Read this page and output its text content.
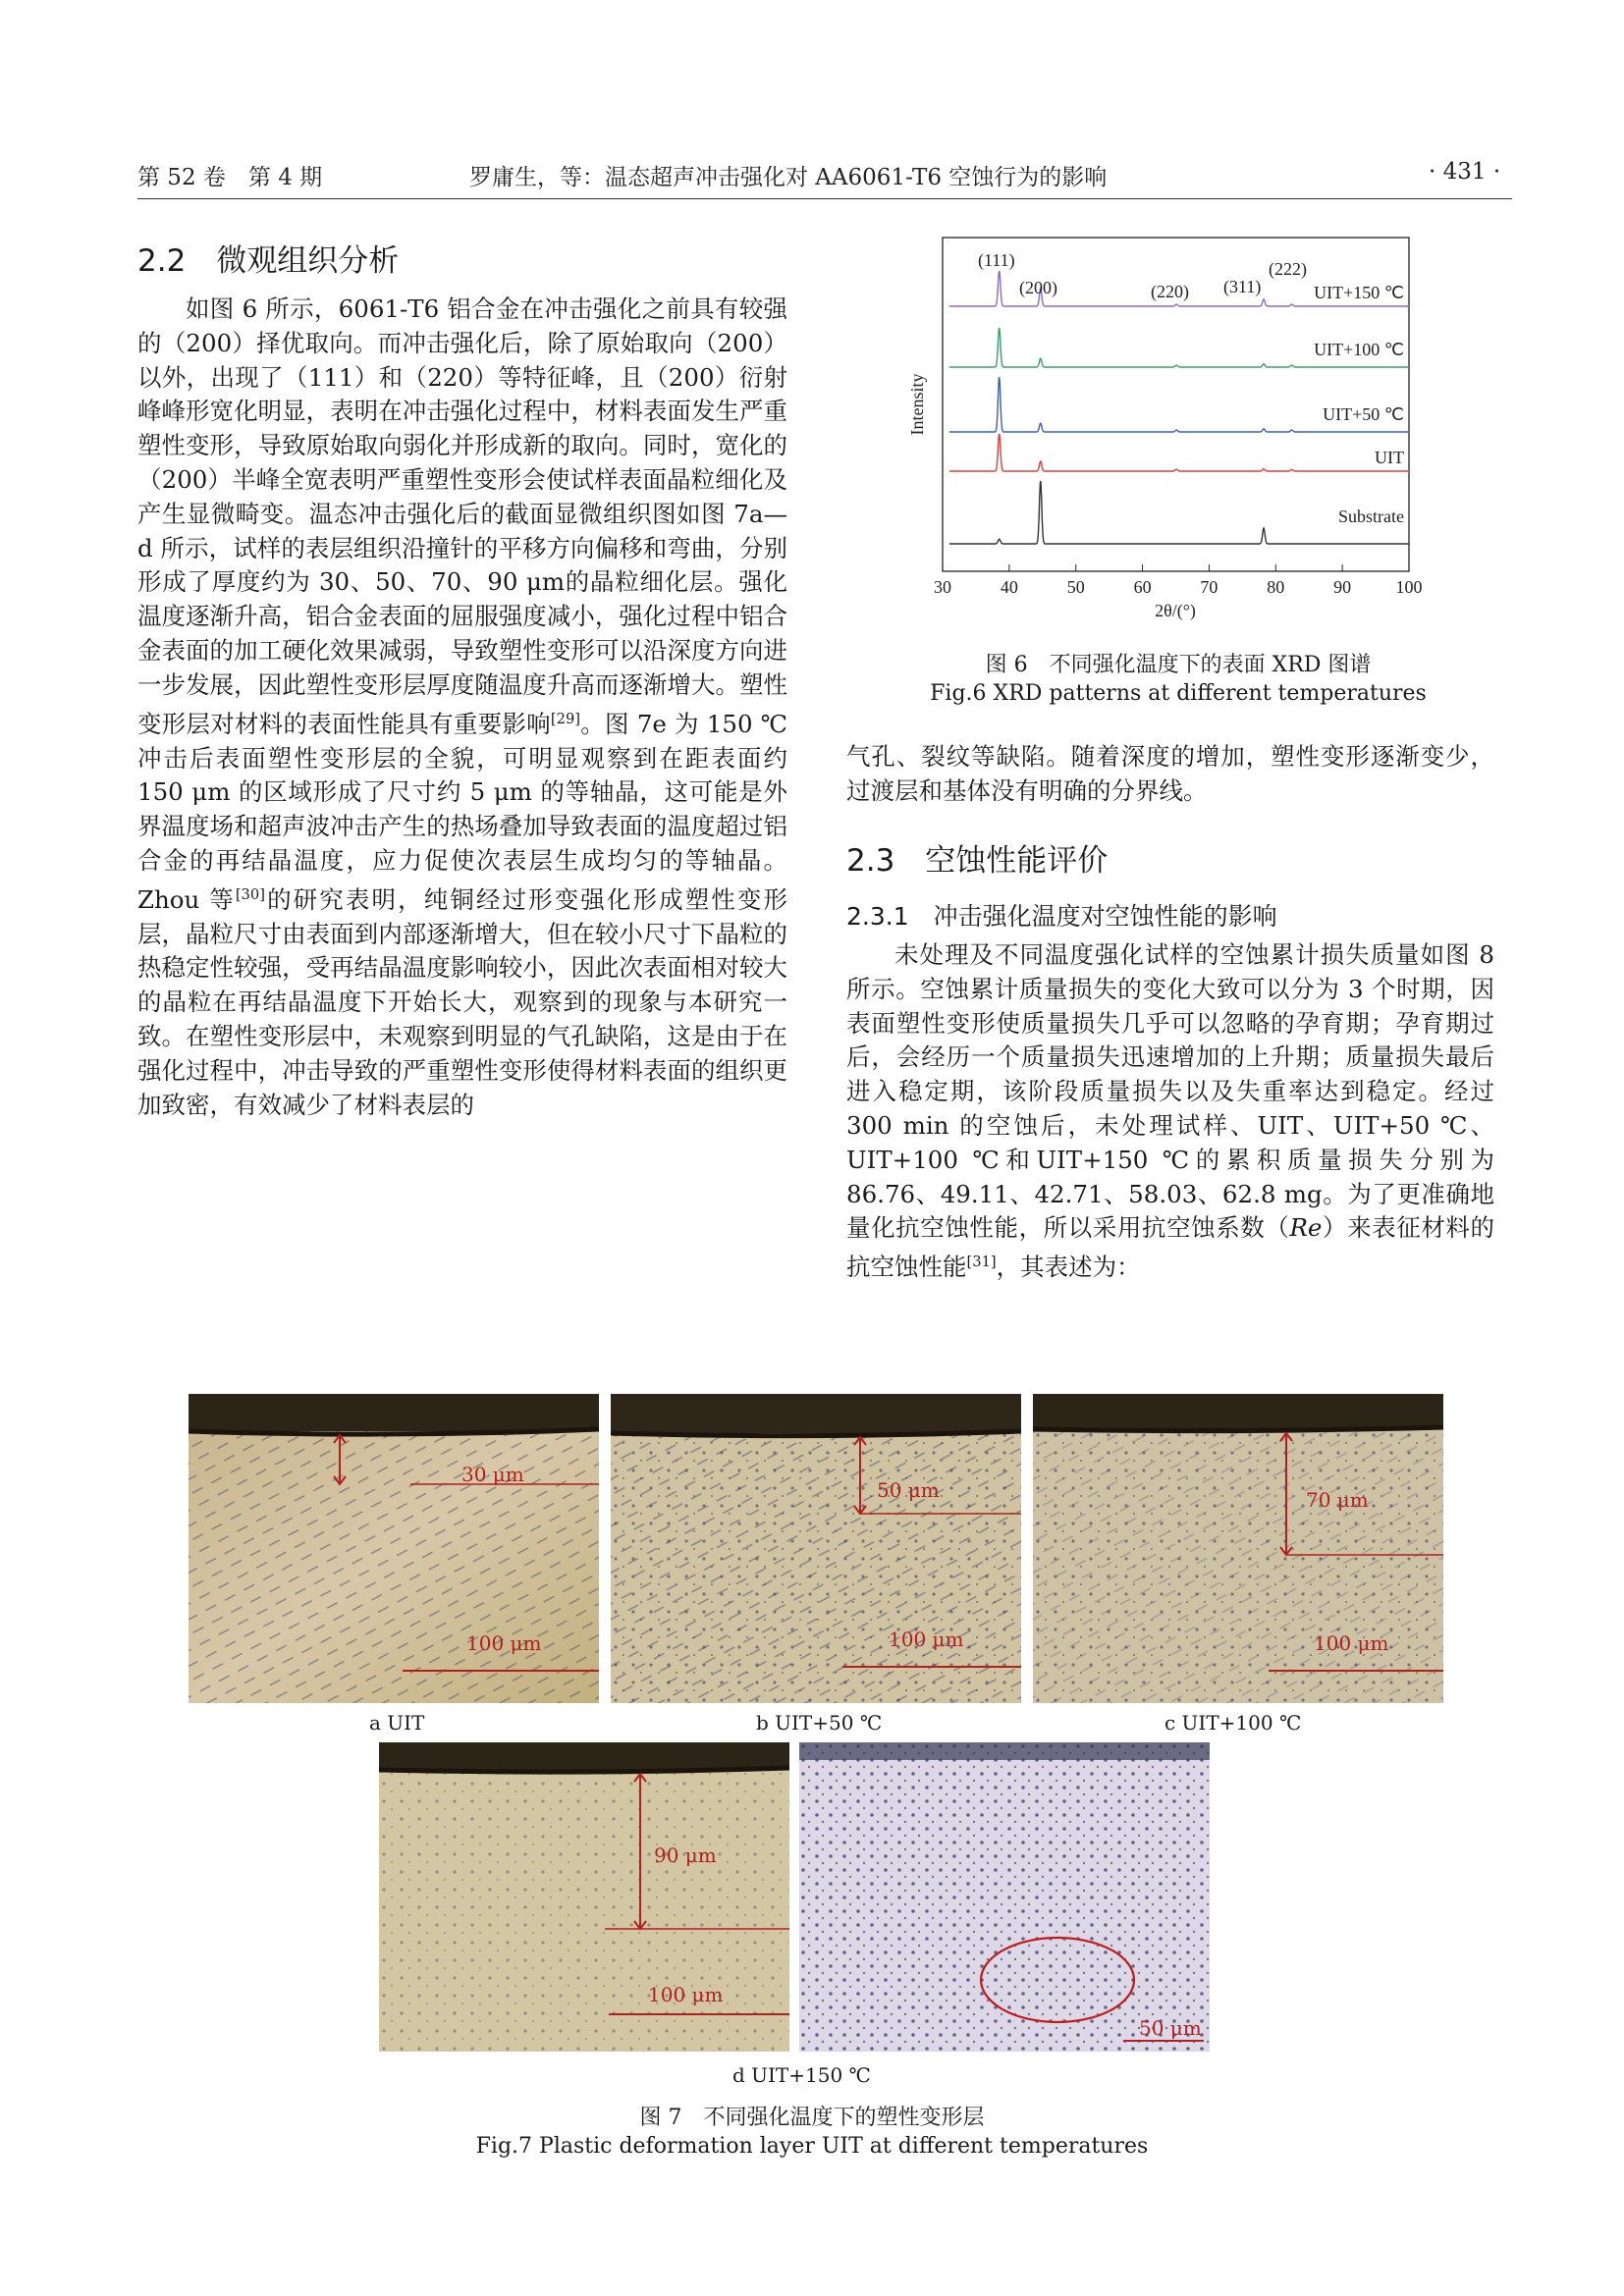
第 52 卷　第 4 期	罗庸生，等：温态超声冲击强化对 AA6061-T6 空蚀行为的影响	· 431 ·
2.2　微观组织分析

如图 6 所示，6061-T6 铝合金在冲击强化之前具有较强的（200）择优取向。而冲击强化后，除了原始取向（200）以外，出现了（111）和（220）等特征峰，且（200）衍射峰峰形宽化明显，表明在冲击强化过程中，材料表面发生严重塑性变形，导致原始取向弱化并形成新的取向。同时，宽化的（200）半峰全宽表明严重塑性变形会使试样表面晶粒细化及产生显微畸变。温态冲击强化后的截面显微组织图如图 7a—d 所示，试样的表层组织沿撞针的平移方向偏移和弯曲，分别形成了厚度约为 30、50、70、90 μm的晶粒细化层。强化温度逐渐升高，铝合金表面的屈服强度减小，强化过程中铝合金表面的加工硬化效果减弱，导致塑性变形可以沿深度方向进一步发展，因此塑性变形层厚度随温度升高而逐渐增大。塑性变形层对材料的表面性能具有重要影响[29]。图 7e 为 150 ℃冲击后表面塑性变形层的全貌，可明显观察到在距表面约 150 μm 的区域形成了尺寸约 5 μm 的等轴晶，这可能是外界温度场和超声波冲击产生的热场叠加导致表面的温度超过铝合金的再结晶温度，应力促使次表层生成均匀的等轴晶。Zhou 等[30]的研究表明，纯铜经过形变强化形成塑性变形层，晶粒尺寸由表面到内部逐渐增大，但在较小尺寸下晶粒的热稳定性较强，受再结晶温度影响较小，因此次表面相对较大的晶粒在再结晶温度下开始长大，观察到的现象与本研究一致。在塑性变形层中，未观察到明显的气孔缺陷，这是由于在强化过程中，冲击导致的严重塑性变形使得材料表面的组织更加致密，有效减少了材料表层的

30	40	50	60	70	80	90	100
Intensity
2θ/(°)
(111)
(200)	(220) (311)
(222)
UIT+150 ℃
UIT+100 ℃
UIT+50 ℃
UIT
Substrate
图 6　不同强化温度下的表面 XRD 图谱
Fig.6 XRD patterns at different temperatures

气孔、裂纹等缺陷。随着深度的增加，塑性变形逐渐变少，过渡层和基体没有明确的分界线。

2.3　空蚀性能评价
2.3.1　冲击强化温度对空蚀性能的影响

未处理及不同温度强化试样的空蚀累计损失质量如图 8 所示。空蚀累计质量损失的变化大致可以分为 3 个时期，因表面塑性变形使质量损失几乎可以忽略的孕育期；孕育期过后，会经历一个质量损失迅速增加的上升期；质量损失最后进入稳定期，该阶段质量损失以及失重率达到稳定。经过 300 min 的空蚀后，未处理试样、UIT、UIT+50 ℃、UIT+100 ℃和UIT+150 ℃的累积质量损失分别为 86.76、49.11、42.71、58.03、62.8 mg。为了更准确地量化抗空蚀性能，所以采用抗空蚀系数（Re）来表征材料的抗空蚀性能[31]，其表述为：

30 μm
100 μm
50 μm
100 μm
70 μm
100 μm
90 μm
100 μm
50 μm
a UIT	b UIT+50 ℃	c UIT+100 ℃
d UIT+150 ℃
图 7　不同强化温度下的塑性变形层
Fig.7 Plastic deformation layer UIT at different temperatures
